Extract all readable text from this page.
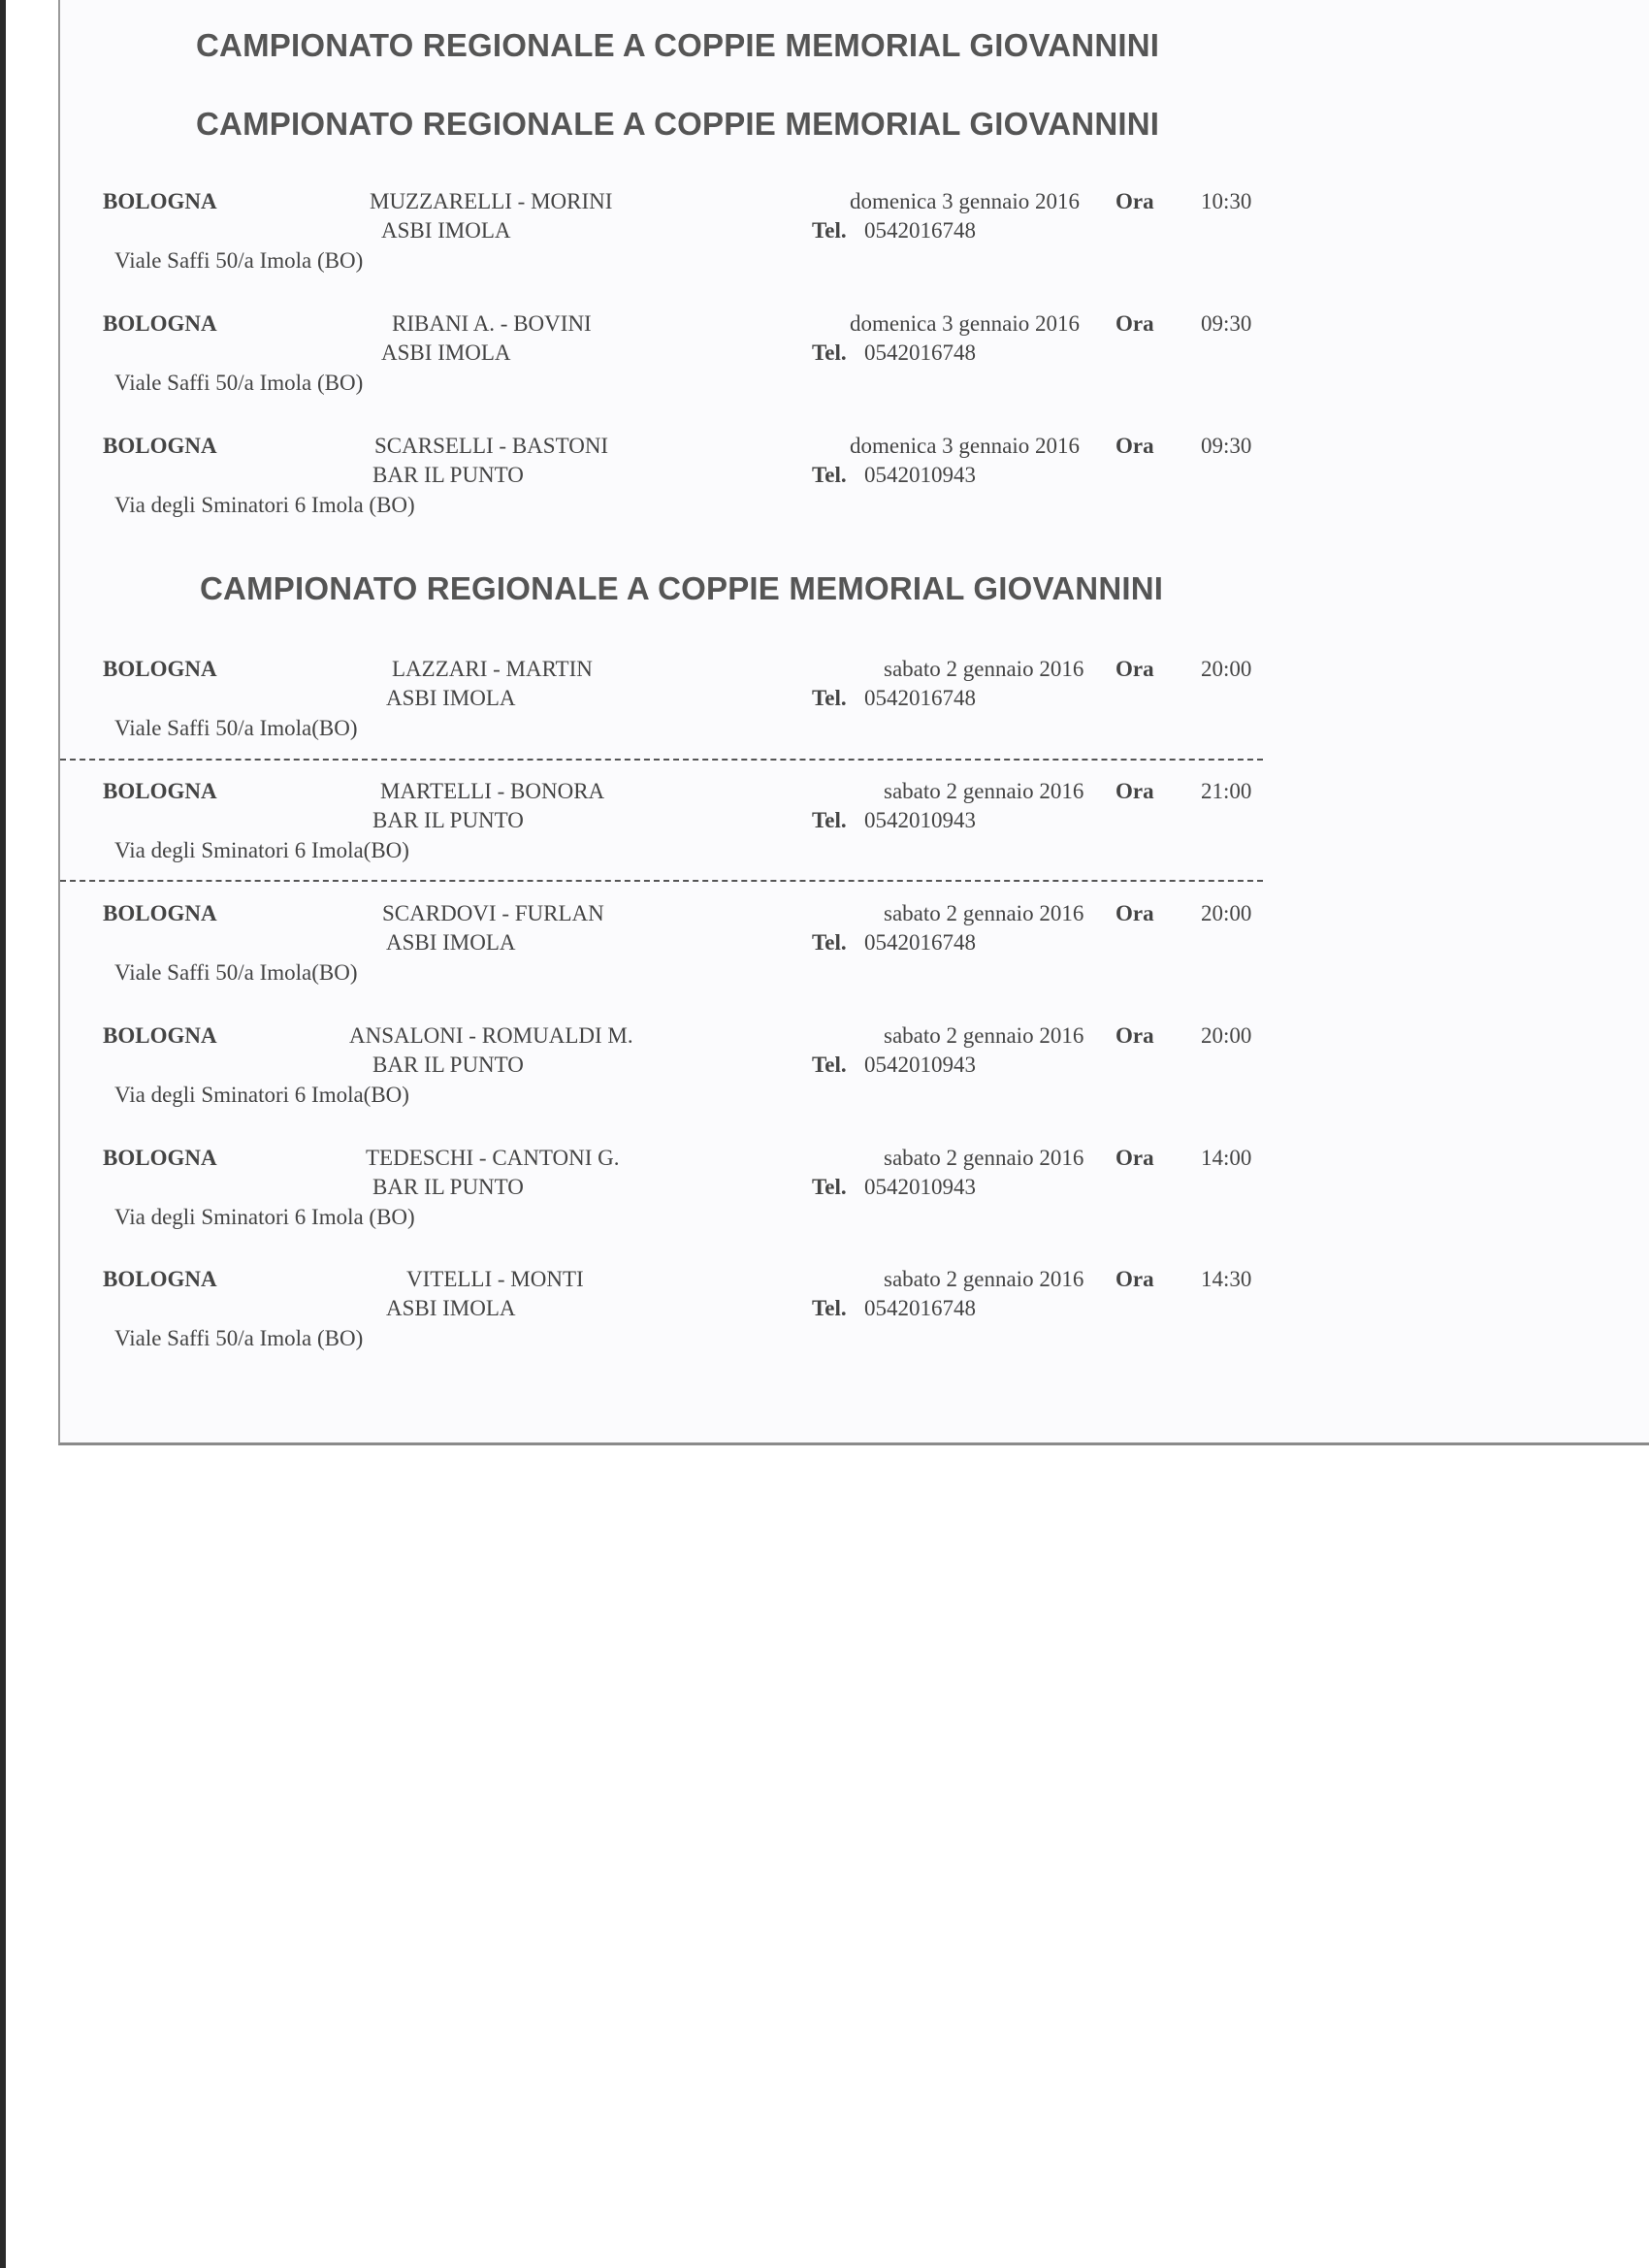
CAMPIONATO REGIONALE A COPPIE MEMORIAL GIOVANNINI
CAMPIONATO REGIONALE A COPPIE MEMORIAL GIOVANNINI
BOLOGNA	MUZZARELLI - MORINI
ASBI IMOLA
domenica 3 gennaio 2016 Ora 10:30
Tel. 0542016748
Viale Saffi 50/a Imola (BO)
BOLOGNA	RIBANI A. - BOVINI
ASBI IMOLA
domenica 3 gennaio 2016 Ora 09:30
Tel. 0542016748
Viale Saffi 50/a Imola (BO)
BOLOGNA	SCARSELLI - BASTONI
BAR IL PUNTO
domenica 3 gennaio 2016 Ora 09:30
Tel. 0542010943
Via degli Sminatori 6 Imola (BO)
CAMPIONATO REGIONALE A COPPIE MEMORIAL GIOVANNINI
BOLOGNA	LAZZARI - MARTIN
ASBI IMOLA
sabato 2 gennaio 2016 Ora 20:00
Tel. 0542016748
Viale Saffi 50/a Imola(BO)
BOLOGNA	MARTELLI - BONORA
BAR IL PUNTO
sabato 2 gennaio 2016 Ora 21:00
Tel. 0542010943
Via degli Sminatori 6 Imola(BO)
BOLOGNA	SCARDOVI - FURLAN
ASBI IMOLA
sabato 2 gennaio 2016 Ora 20:00
Tel. 0542016748
Viale Saffi 50/a Imola(BO)
BOLOGNA	ANSALONI - ROMUALDI M.
BAR IL PUNTO
sabato 2 gennaio 2016 Ora 20:00
Tel. 0542010943
Via degli Sminatori 6 Imola(BO)
BOLOGNA	TEDESCHI - CANTONI G.
BAR IL PUNTO
sabato 2 gennaio 2016 Ora 14:00
Tel. 0542010943
Via degli Sminatori 6 Imola (BO)
BOLOGNA	VITELLI - MONTI
ASBI IMOLA
sabato 2 gennaio 2016 Ora 14:30
Tel. 0542016748
Viale Saffi 50/a Imola (BO)
